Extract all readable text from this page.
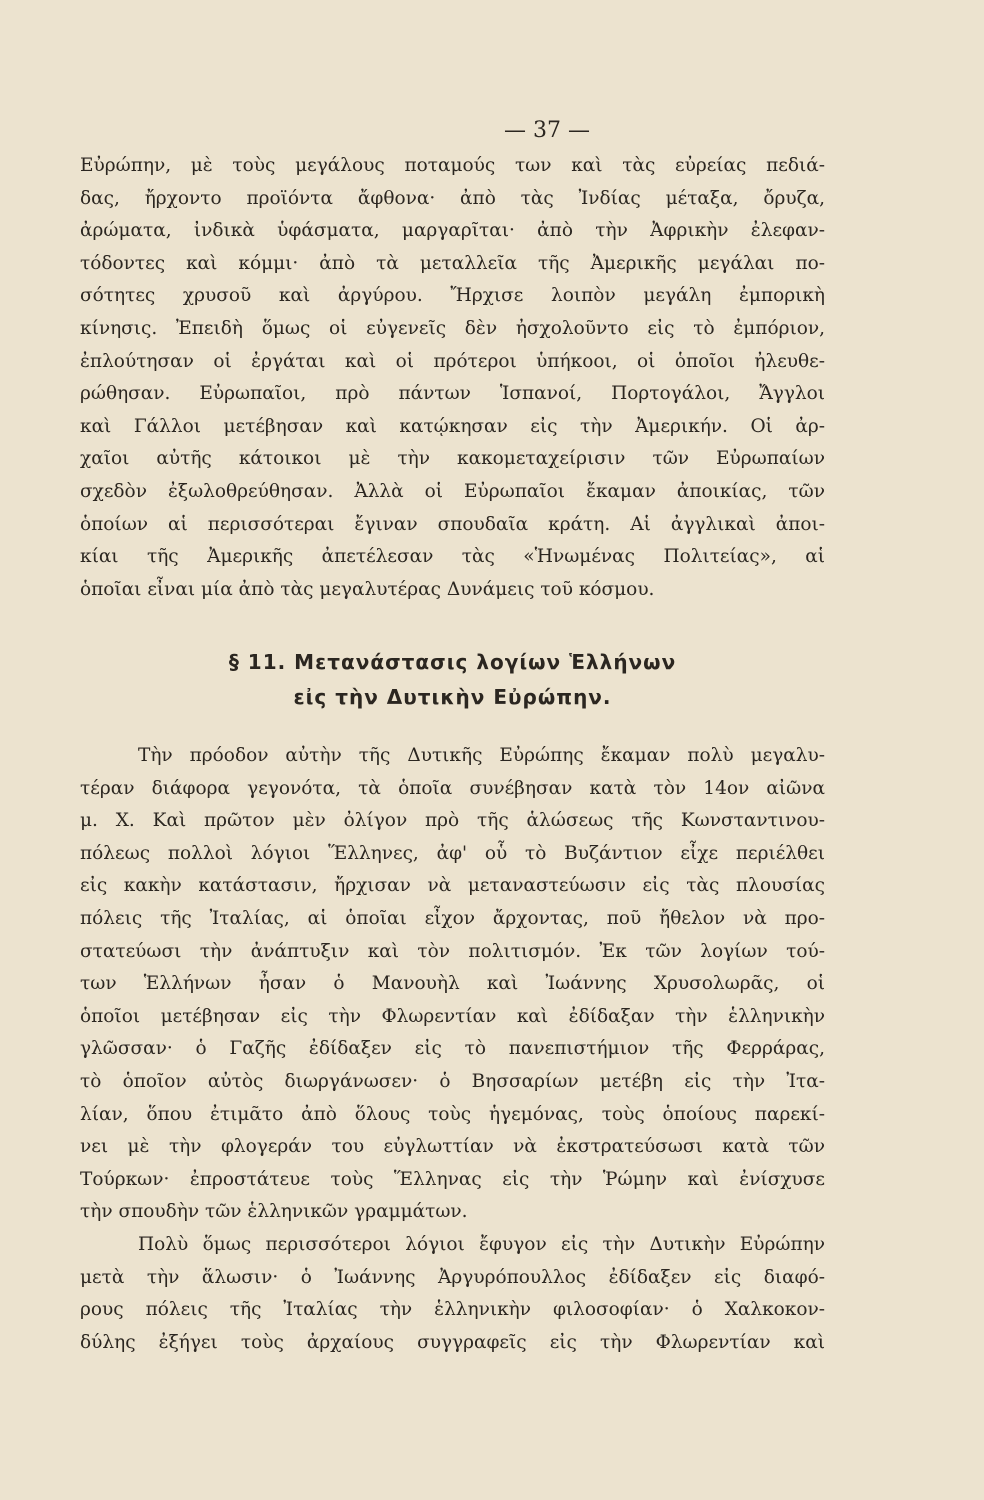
— 37 —
Εὐρώπην, μὲ τοὺς μεγάλους ποταμούς των καὶ τὰς εὐρείας πεδιά-
δας, ἤρχοντο προϊόντα ἄφθονα· ἀπὸ τὰς Ἰνδίας μέταξα, ὄρυζα,
ἀρώματα, ἰνδικὰ ὑφάσματα, μαργαρῖται· ἀπὸ τὴν Ἀφρικὴν ἐλεφαν-
τόδοντες καὶ κόμμι· ἀπὸ τὰ μεταλλεῖα τῆς Ἀμερικῆς μεγάλαι πο-
σότητες χρυσοῦ καὶ ἀργύρου. Ἤρχισε λοιπὸν μεγάλη ἐμπορικὴ
κίνησις. Ἐπειδὴ ὅμως οἱ εὐγενεῖς δὲν ἠσχολοῦντο εἰς τὸ ἐμπόριον,
ἐπλούτησαν οἱ ἐργάται καὶ οἱ πρότεροι ὑπήκοοι, οἱ ὁποῖοι ἠλευθε-
ρώθησαν. Εὐρωπαῖοι, πρὸ πάντων Ἱσπανοί, Πορτογάλοι, Ἄγγλοι
καὶ Γάλλοι μετέβησαν καὶ κατῴκησαν εἰς τὴν Ἀμερικήν. Οἱ ἀρ-
χαῖοι αὐτῆς κάτοικοι μὲ τὴν κακομεταχείρισιν τῶν Εὐρωπαίων
σχεδὸν ἐξωλοθρεύθησαν. Ἀλλὰ οἱ Εὐρωπαῖοι ἔκαμαν ἀποικίας, τῶν
ὁποίων αἱ περισσότεραι ἔγιναν σπουδαῖα κράτη. Αἱ ἀγγλικαὶ ἀποι-
κίαι τῆς Ἀμερικῆς ἀπετέλεσαν τὰς «Ἡνωμένας Πολιτείας», αἱ
ὁποῖαι εἶναι μία ἀπὸ τὰς μεγαλυτέρας Δυνάμεις τοῦ κόσμου.
§ 11. Μετανάστασις λογίων Ἑλλήνων
εἰς τὴν Δυτικὴν Εὐρώπην.
Τὴν πρόοδον αὐτὴν τῆς Δυτικῆς Εὐρώπης ἔκαμαν πολὺ μεγαλυ-
τέραν διάφορα γεγονότα, τὰ ὁποῖα συνέβησαν κατὰ τὸν 14ον αἰῶνα
μ. Χ. Καὶ πρῶτον μὲν ὀλίγον πρὸ τῆς ἁλώσεως τῆς Κωνσταντινου-
πόλεως πολλοὶ λόγιοι Ἕλληνες, ἀφ' οὗ τὸ Βυζάντιον εἶχε περιέλθει
εἰς κακὴν κατάστασιν, ἤρχισαν νὰ μεταναστεύωσιν εἰς τὰς πλουσίας
πόλεις τῆς Ἰταλίας, αἱ ὁποῖαι εἶχον ἄρχοντας, ποῦ ἤθελον νὰ προ-
στατεύωσι τὴν ἀνάπτυξιν καὶ τὸν πολιτισμόν. Ἐκ τῶν λογίων τού-
των Ἑλλήνων ἦσαν ὁ Μανουὴλ καὶ Ἰωάννης Χρυσολωρᾶς, οἱ
ὁποῖοι μετέβησαν εἰς τὴν Φλωρεντίαν καὶ ἐδίδαξαν τὴν ἑλληνικὴν
γλῶσσαν· ὁ Γαζῆς ἐδίδαξεν εἰς τὸ πανεπιστήμιον τῆς Φερράρας,
τὸ ὁποῖον αὐτὸς διωργάνωσεν· ὁ Βησσαρίων μετέβη εἰς τὴν Ἰτα-
λίαν, ὅπου ἐτιμᾶτο ἀπὸ ὅλους τοὺς ἡγεμόνας, τοὺς ὁποίους παρεκί-
νει μὲ τὴν φλογεράν του εὐγλωττίαν νὰ ἐκστρατεύσωσι κατὰ τῶν
Τούρκων· ἐπροστάτευε τοὺς Ἕλληνας εἰς τὴν Ῥώμην καὶ ἐνίσχυσε
τὴν σπουδὴν τῶν ἑλληνικῶν γραμμάτων.
Πολὺ ὅμως περισσότεροι λόγιοι ἔφυγον εἰς τὴν Δυτικὴν Εὐρώπην
μετὰ τὴν ἅλωσιν· ὁ Ἰωάννης Ἀργυρόπουλλος ἐδίδαξεν εἰς διαφό-
ρους πόλεις τῆς Ἰταλίας τὴν ἑλληνικὴν φιλοσοφίαν· ὁ Χαλκοκον-
δύλης ἐξήγει τοὺς ἀρχαίους συγγραφεῖς εἰς τὴν Φλωρεντίαν καὶ
